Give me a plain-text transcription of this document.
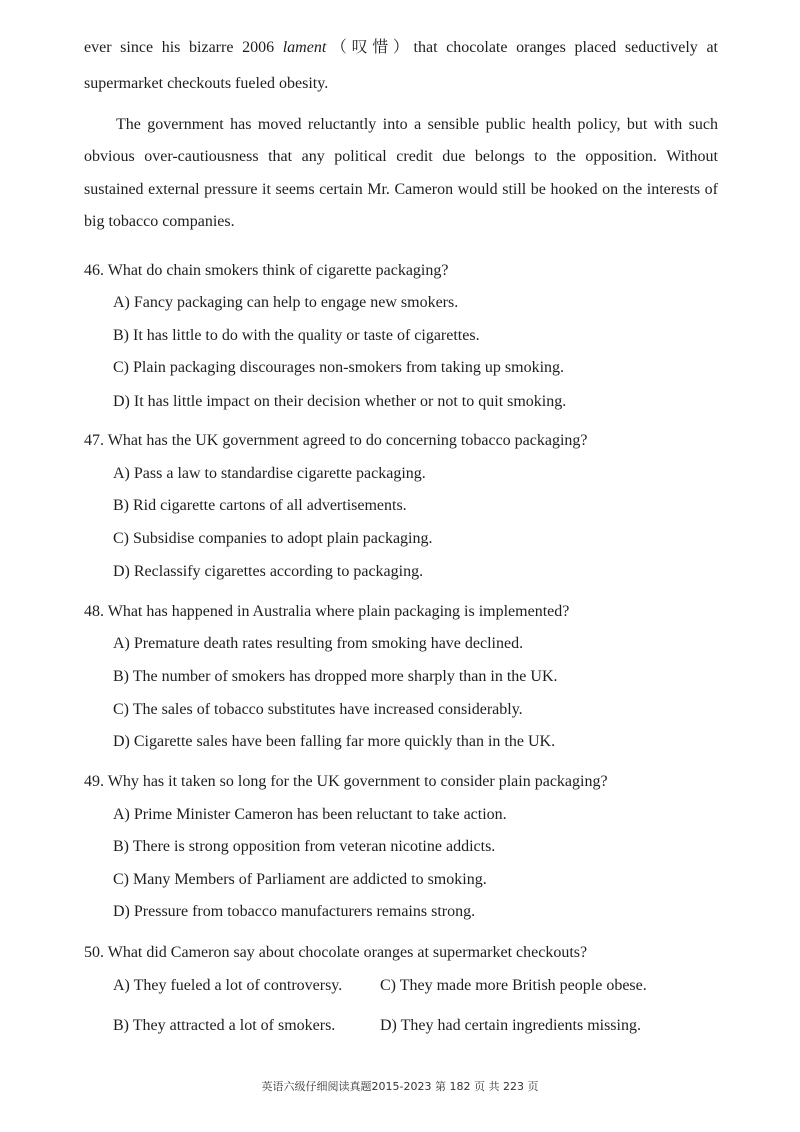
ever since his bizarre 2006 lament（叹惜）that chocolate oranges placed seductively at
supermarket checkouts fueled obesity.
The government has moved reluctantly into a sensible public health policy, but with such
obvious over-cautiousness that any political credit due belongs to the opposition. Without
sustained external pressure it seems certain Mr. Cameron would still be hooked on the interests of
big tobacco companies.
46. What do chain smokers think of cigarette packaging?
A) Fancy packaging can help to engage new smokers.
B) It has little to do with the quality or taste of cigarettes.
C) Plain packaging discourages non-smokers from taking up smoking.
D) It has little impact on their decision whether or not to quit smoking.
47. What has the UK government agreed to do concerning tobacco packaging?
A) Pass a law to standardise cigarette packaging.
B) Rid cigarette cartons of all advertisements.
C) Subsidise companies to adopt plain packaging.
D) Reclassify cigarettes according to packaging.
48. What has happened in Australia where plain packaging is implemented?
A) Premature death rates resulting from smoking have declined.
B) The number of smokers has dropped more sharply than in the UK.
C) The sales of tobacco substitutes have increased considerably.
D) Cigarette sales have been falling far more quickly than in the UK.
49. Why has it taken so long for the UK government to consider plain packaging?
A) Prime Minister Cameron has been reluctant to take action.
B) There is strong opposition from veteran nicotine addicts.
C) Many Members of Parliament are addicted to smoking.
D) Pressure from tobacco manufacturers remains strong.
50. What did Cameron say about chocolate oranges at supermarket checkouts?
A) They fueled a lot of controversy. C) They made more British people obese.
B) They attracted a lot of smokers.	D) They had certain ingredients missing.
英语六级仔细阅读真题2015-2023 第 182 页 共 223 页
